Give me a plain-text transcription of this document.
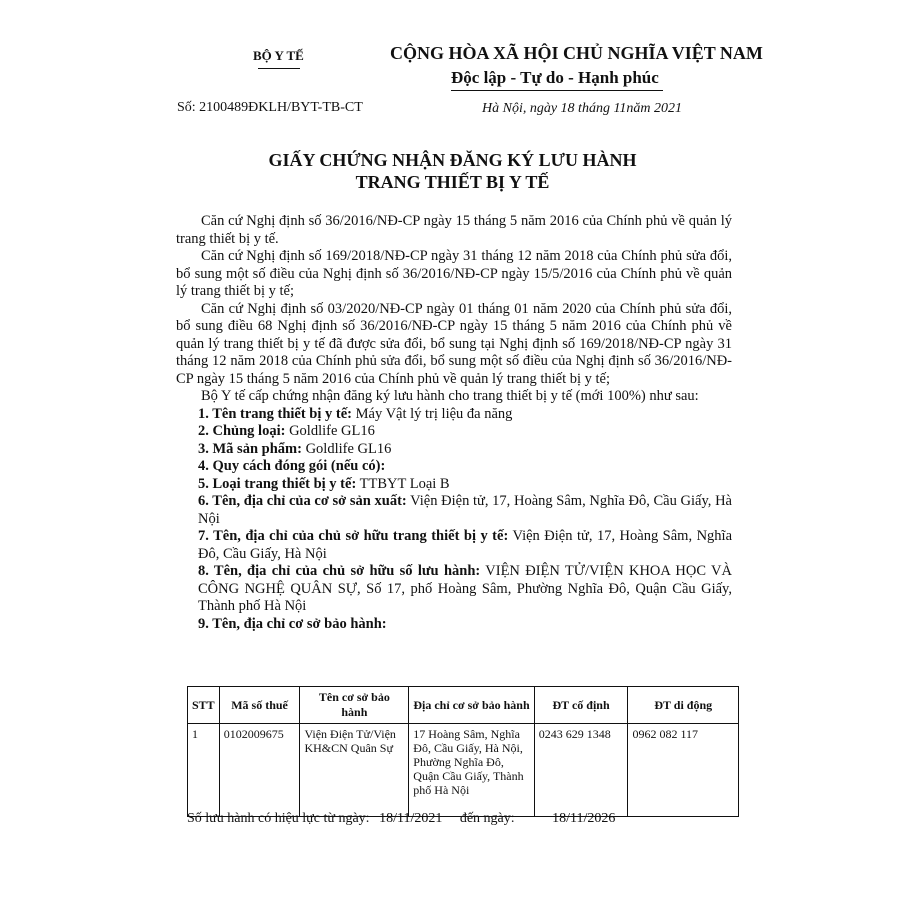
BỘ Y TẾ	CỘNG HÒA XÃ HỘI CHỦ NGHĨA VIỆT NAM
Độc lập - Tự do - Hạnh phúc
Số: 2100489ĐKLH/BYT-TB-CT	Hà Nội, ngày 18 tháng 11năm 2021
GIẤY CHỨNG NHẬN ĐĂNG KÝ LƯU HÀNH
TRANG THIẾT BỊ Y TẾ

Căn cứ Nghị định số 36/2016/NĐ-CP ngày 15 tháng 5 năm 2016 của Chính phủ về quản lý trang thiết bị y tế.

Căn cứ Nghị định số 169/2018/NĐ-CP ngày 31 tháng 12 năm 2018 của Chính phủ sửa đổi, bổ sung một số điều của Nghị định số 36/2016/NĐ-CP ngày 15/5/2016 của Chính phủ về quản lý trang thiết bị y tế;

Căn cứ Nghị định số 03/2020/NĐ-CP ngày 01 tháng 01 năm 2020 của Chính phủ sửa đổi, bổ sung điều 68 Nghị định số 36/2016/NĐ-CP ngày 15 tháng 5 năm 2016 của Chính phủ về quản lý trang thiết bị y tế đã được sửa đổi, bổ sung tại Nghị định số 169/2018/NĐ-CP ngày 31 tháng 12 năm 2018 của Chính phủ sửa đổi, bổ sung một số điều của Nghị định số 36/2016/NĐ-CP ngày 15 tháng 5 năm 2016 của Chính phủ về quản lý trang thiết bị y tế;

Bộ Y tế cấp chứng nhận đăng ký lưu hành cho trang thiết bị y tế (mới 100%) như sau:

1. Tên trang thiết bị y tế: Máy Vật lý trị liệu đa năng

2. Chủng loại: Goldlife GL16

3. Mã sản phẩm: Goldlife GL16

4. Quy cách đóng gói (nếu có):

5. Loại trang thiết bị y tế: TTBYT Loại B

6. Tên, địa chỉ của cơ sở sản xuất: Viện Điện tử, 17, Hoàng Sâm, Nghĩa Đô, Cầu Giấy, Hà Nội

7. Tên, địa chỉ của chủ sở hữu trang thiết bị y tế: Viện Điện tử, 17, Hoàng Sâm, Nghĩa Đô, Cầu Giấy, Hà Nội

8. Tên, địa chỉ của chủ sở hữu số lưu hành: VIỆN ĐIỆN TỬ/VIỆN KHOA HỌC VÀ CÔNG NGHỆ QUÂN SỰ, Số 17, phố Hoàng Sâm, Phường Nghĩa Đô, Quận Cầu Giấy, Thành phố Hà Nội

9. Tên, địa chỉ cơ sở bảo hành:

STT	Mã số thuế	Tên cơ sở bảo hành	Địa chỉ cơ sở bảo hành	ĐT cố định	ĐT di động
1	0102009675	Viện Điện Tử/Viện KH&CN Quân Sự	17 Hoàng Sâm, Nghĩa Đô, Cầu Giấy, Hà Nội, Phường Nghĩa Đô, Quận Cầu Giấy, Thành phố Hà Nội	0243 629 1348	0962 082 117
Số lưu hành có hiệu lực từ ngày: 18/11/2021 đến ngày:	18/11/2026
